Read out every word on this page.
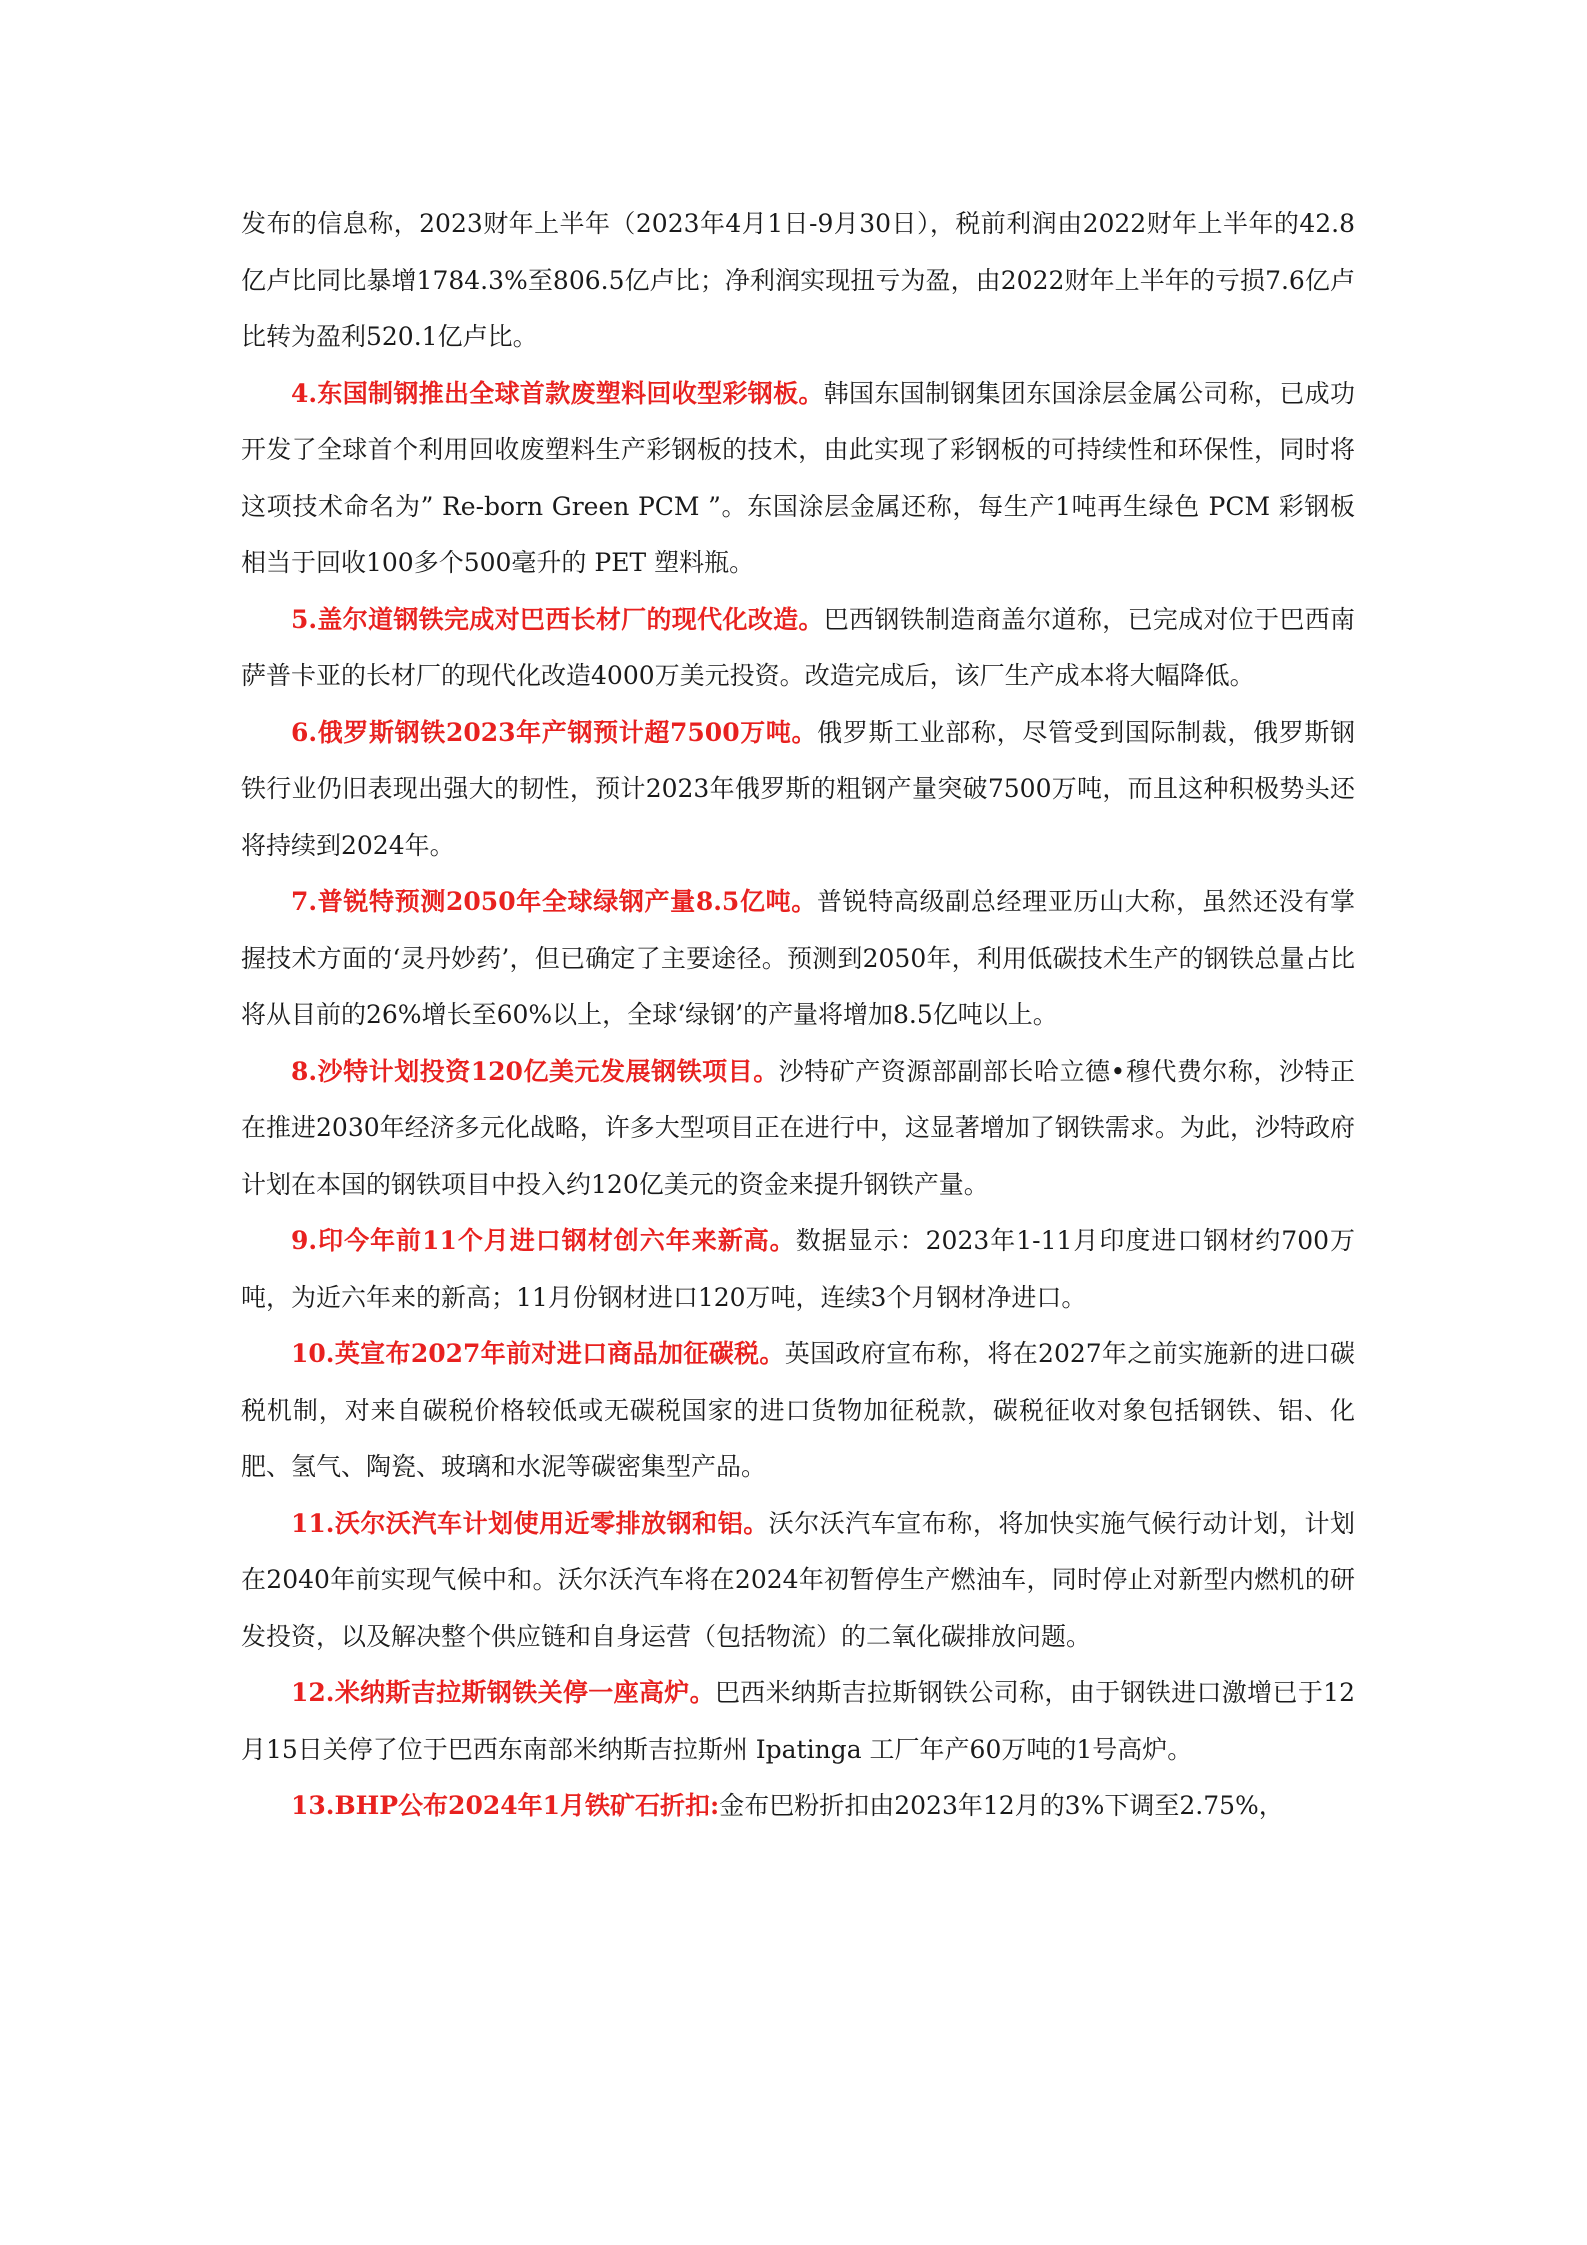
发布的信息称，2023财年上半年（2023年4月1日-9月30日），税前利润由2022财年上半年的42.8亿卢比同比暴增1784.3%至806.5亿卢比；净利润实现扭亏为盈，由2022财年上半年的亏损7.6亿卢比转为盈利520.1亿卢比。

4.东国制钢推出全球首款废塑料回收型彩钢板。韩国东国制钢集团东国涂层金属公司称，已成功开发了全球首个利用回收废塑料生产彩钢板的技术，由此实现了彩钢板的可持续性和环保性，同时将这项技术命名为” Re-born Green PCM ”。东国涂层金属还称，每生产1吨再生绿色 PCM 彩钢板相当于回收100多个500毫升的 PET 塑料瓶。

5.盖尔道钢铁完成对巴西长材厂的现代化改造。巴西钢铁制造商盖尔道称，已完成对位于巴西南萨普卡亚的长材厂的现代化改造4000万美元投资。改造完成后，该厂生产成本将大幅降低。

6.俄罗斯钢铁2023年产钢预计超7500万吨。俄罗斯工业部称，尽管受到国际制裁，俄罗斯钢铁行业仍旧表现出强大的韧性，预计2023年俄罗斯的粗钢产量突破7500万吨，而且这种积极势头还将持续到2024年。

7.普锐特预测2050年全球绿钢产量8.5亿吨。普锐特高级副总经理亚历山大称，虽然还没有掌握技术方面的‘灵丹妙药’，但已确定了主要途径。预测到2050年，利用低碳技术生产的钢铁总量占比将从目前的26%增长至60%以上，全球‘绿钢’的产量将增加8.5亿吨以上。

8.沙特计划投资120亿美元发展钢铁项目。沙特矿产资源部副部长哈立德•穆代费尔称，沙特正在推进2030年经济多元化战略，许多大型项目正在进行中，这显著增加了钢铁需求。为此，沙特政府计划在本国的钢铁项目中投入约120亿美元的资金来提升钢铁产量。

9.印今年前11个月进口钢材创六年来新高。数据显示：2023年1-11月印度进口钢材约700万吨，为近六年来的新高；11月份钢材进口120万吨，连续3个月钢材净进口。

10.英宣布2027年前对进口商品加征碳税。英国政府宣布称，将在2027年之前实施新的进口碳税机制，对来自碳税价格较低或无碳税国家的进口货物加征税款，碳税征收对象包括钢铁、铝、化肥、氢气、陶瓷、玻璃和水泥等碳密集型产品。

11.沃尔沃汽车计划使用近零排放钢和铝。沃尔沃汽车宣布称，将加快实施气候行动计划，计划在2040年前实现气候中和。沃尔沃汽车将在2024年初暂停生产燃油车，同时停止对新型内燃机的研发投资，以及解决整个供应链和自身运营（包括物流）的二氧化碳排放问题。

12.米纳斯吉拉斯钢铁关停一座高炉。巴西米纳斯吉拉斯钢铁公司称，由于钢铁进口激增已于12月15日关停了位于巴西东南部米纳斯吉拉斯州 Ipatinga 工厂年产60万吨的1号高炉。

13.BHP公布2024年1月铁矿石折扣:金布巴粉折扣由2023年12月的3%下调至2.75%，
